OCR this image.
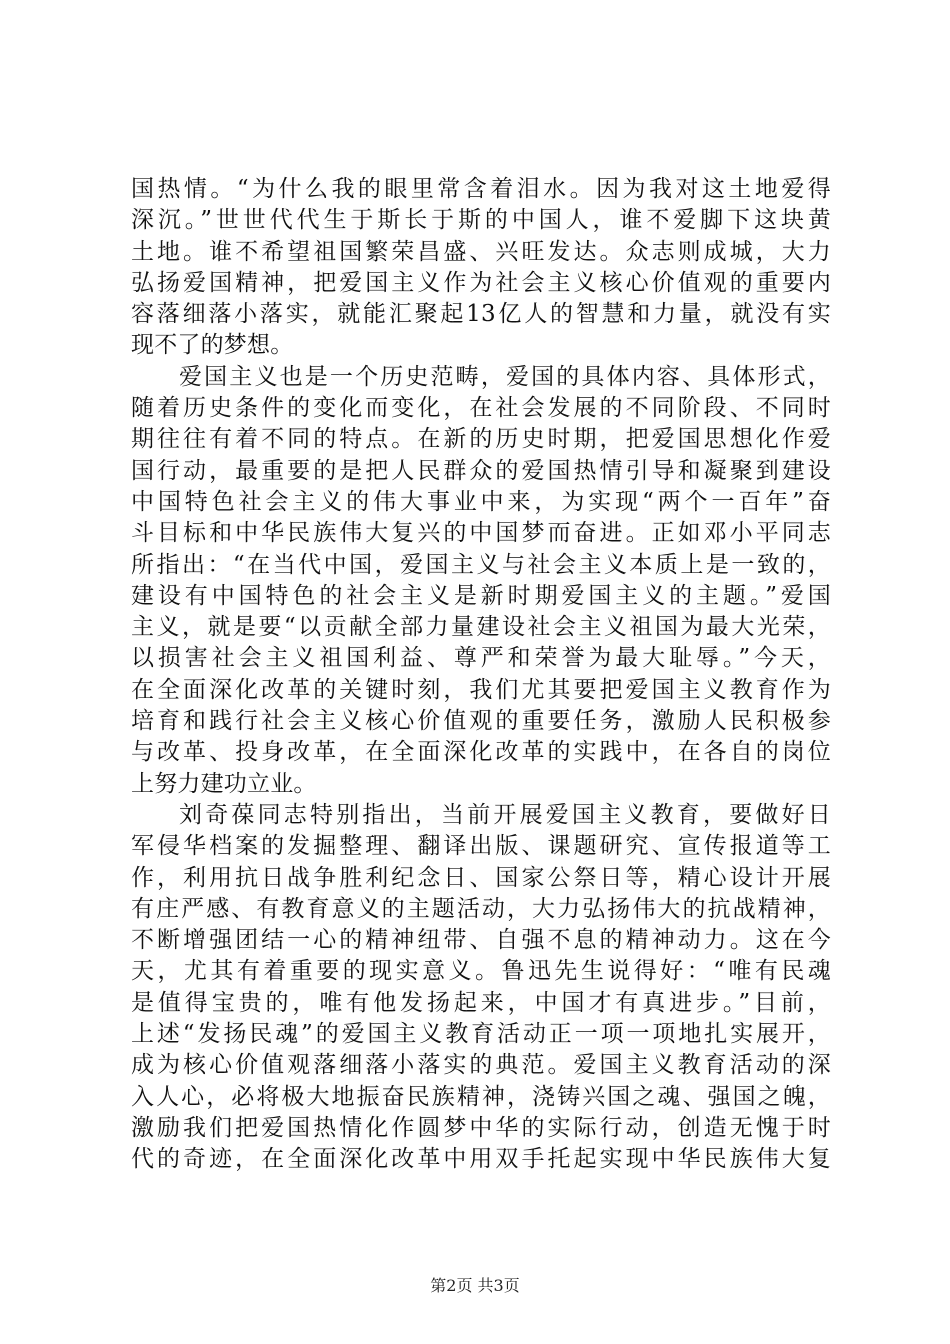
国热情。“为什么我的眼里常含着泪水。因为我对这土地爱得
深沉。”世世代代生于斯长于斯的中国人，谁不爱脚下这块黄
土地。谁不希望祖国繁荣昌盛、兴旺发达。众志则成城，大力
弘扬爱国精神，把爱国主义作为社会主义核心价值观的重要内
容落细落小落实，就能汇聚起13亿人的智慧和力量，就没有实
现不了的梦想。
爱国主义也是一个历史范畴，爱国的具体内容、具体形式，
随着历史条件的变化而变化，在社会发展的不同阶段、不同时
期往往有着不同的特点。在新的历史时期，把爱国思想化作爱
国行动，最重要的是把人民群众的爱国热情引导和凝聚到建设
中国特色社会主义的伟大事业中来，为实现“两个一百年”奋
斗目标和中华民族伟大复兴的中国梦而奋进。正如邓小平同志
所指出：“在当代中国，爱国主义与社会主义本质上是一致的，
建设有中国特色的社会主义是新时期爱国主义的主题。”爱国
主义，就是要“以贡献全部力量建设社会主义祖国为最大光荣，
以损害社会主义祖国利益、尊严和荣誉为最大耻辱。”今天，
在全面深化改革的关键时刻，我们尤其要把爱国主义教育作为
培育和践行社会主义核心价值观的重要任务，激励人民积极参
与改革、投身改革，在全面深化改革的实践中，在各自的岗位
上努力建功立业。
刘奇葆同志特别指出，当前开展爱国主义教育，要做好日
军侵华档案的发掘整理、翻译出版、课题研究、宣传报道等工
作，利用抗日战争胜利纪念日、国家公祭日等，精心设计开展
有庄严感、有教育意义的主题活动，大力弘扬伟大的抗战精神，
不断增强团结一心的精神纽带、自强不息的精神动力。这在今
天，尤其有着重要的现实意义。鲁迅先生说得好：“唯有民魂
是值得宝贵的，唯有他发扬起来，中国才有真进步。”目前，
上述“发扬民魂”的爱国主义教育活动正一项一项地扎实展开，
成为核心价值观落细落小落实的典范。爱国主义教育活动的深
入人心，必将极大地振奋民族精神，浇铸兴国之魂、强国之魄，
激励我们把爱国热情化作圆梦中华的实际行动，创造无愧于时
代的奇迹，在全面深化改革中用双手托起实现中华民族伟大复
第2页 共3页
